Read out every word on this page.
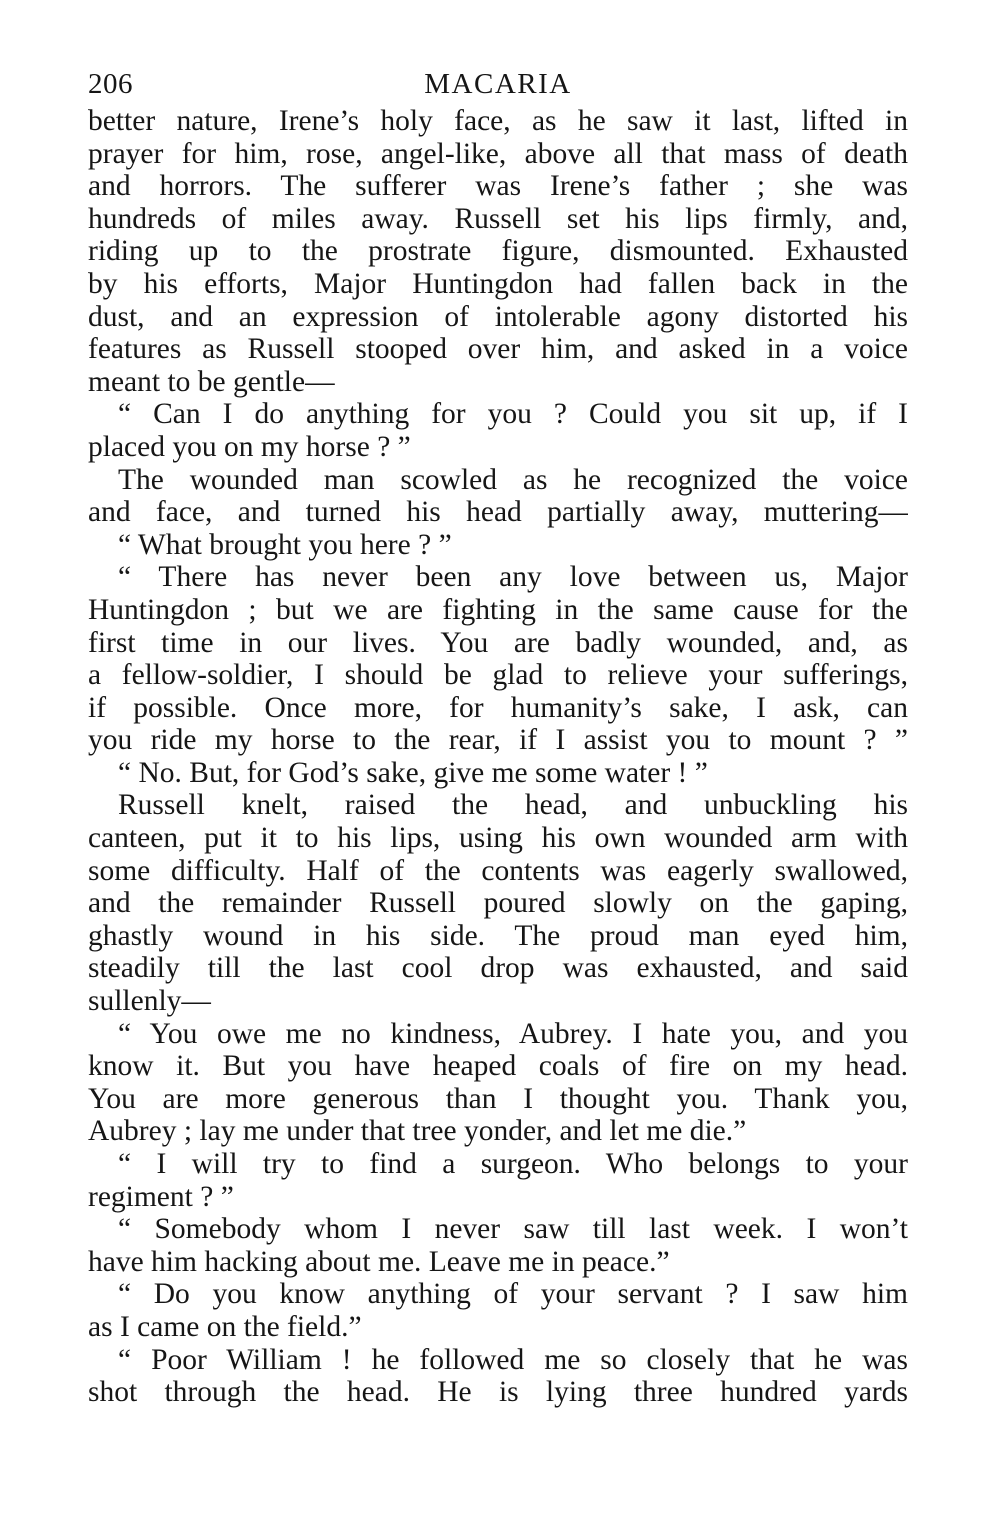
206	MACARIA
better nature, Irene’s holy face, as he saw it last, lifted in
prayer for him, rose, angel-like, above all that mass of death
and horrors. The sufferer was Irene’s father ; she was
hundreds of miles away. Russell set his lips firmly, and,
riding up to the prostrate figure, dismounted. Exhausted
by his efforts, Major Huntingdon had fallen back in the
dust, and an expression of intolerable agony distorted his
features as Russell stooped over him, and asked in a voice
meant to be gentle—
“ Can I do anything for you ? Could you sit up, if I
placed you on my horse ? ”
The wounded man scowled as he recognized the voice
and face, and turned his head partially away, muttering—
“ What brought you here ? ”
“ There has never been any love between us, Major
Huntingdon ; but we are fighting in the same cause for the
first time in our lives. You are badly wounded, and, as
a fellow-soldier, I should be glad to relieve your sufferings,
if possible. Once more, for humanity’s sake, I ask, can
you ride my horse to the rear, if I assist you to mount ? ”
“ No. But, for God’s sake, give me some water ! ”
Russell knelt, raised the head, and unbuckling his
canteen, put it to his lips, using his own wounded arm with
some difficulty. Half of the contents was eagerly swallowed,
and the remainder Russell poured slowly on the gaping,
ghastly wound in his side. The proud man eyed him,
steadily till the last cool drop was exhausted, and said
sullenly—
“ You owe me no kindness, Aubrey. I hate you, and you
know it. But you have heaped coals of fire on my head.
You are more generous than I thought you. Thank you,
Aubrey ; lay me under that tree yonder, and let me die.”
“ I will try to find a surgeon. Who belongs to your
regiment ? ”
“ Somebody whom I never saw till last week. I won’t
have him hacking about me. Leave me in peace.”
“ Do you know anything of your servant ? I saw him
as I came on the field.”
“ Poor William ! he followed me so closely that he was
shot through the head. He is lying three hundred yards
